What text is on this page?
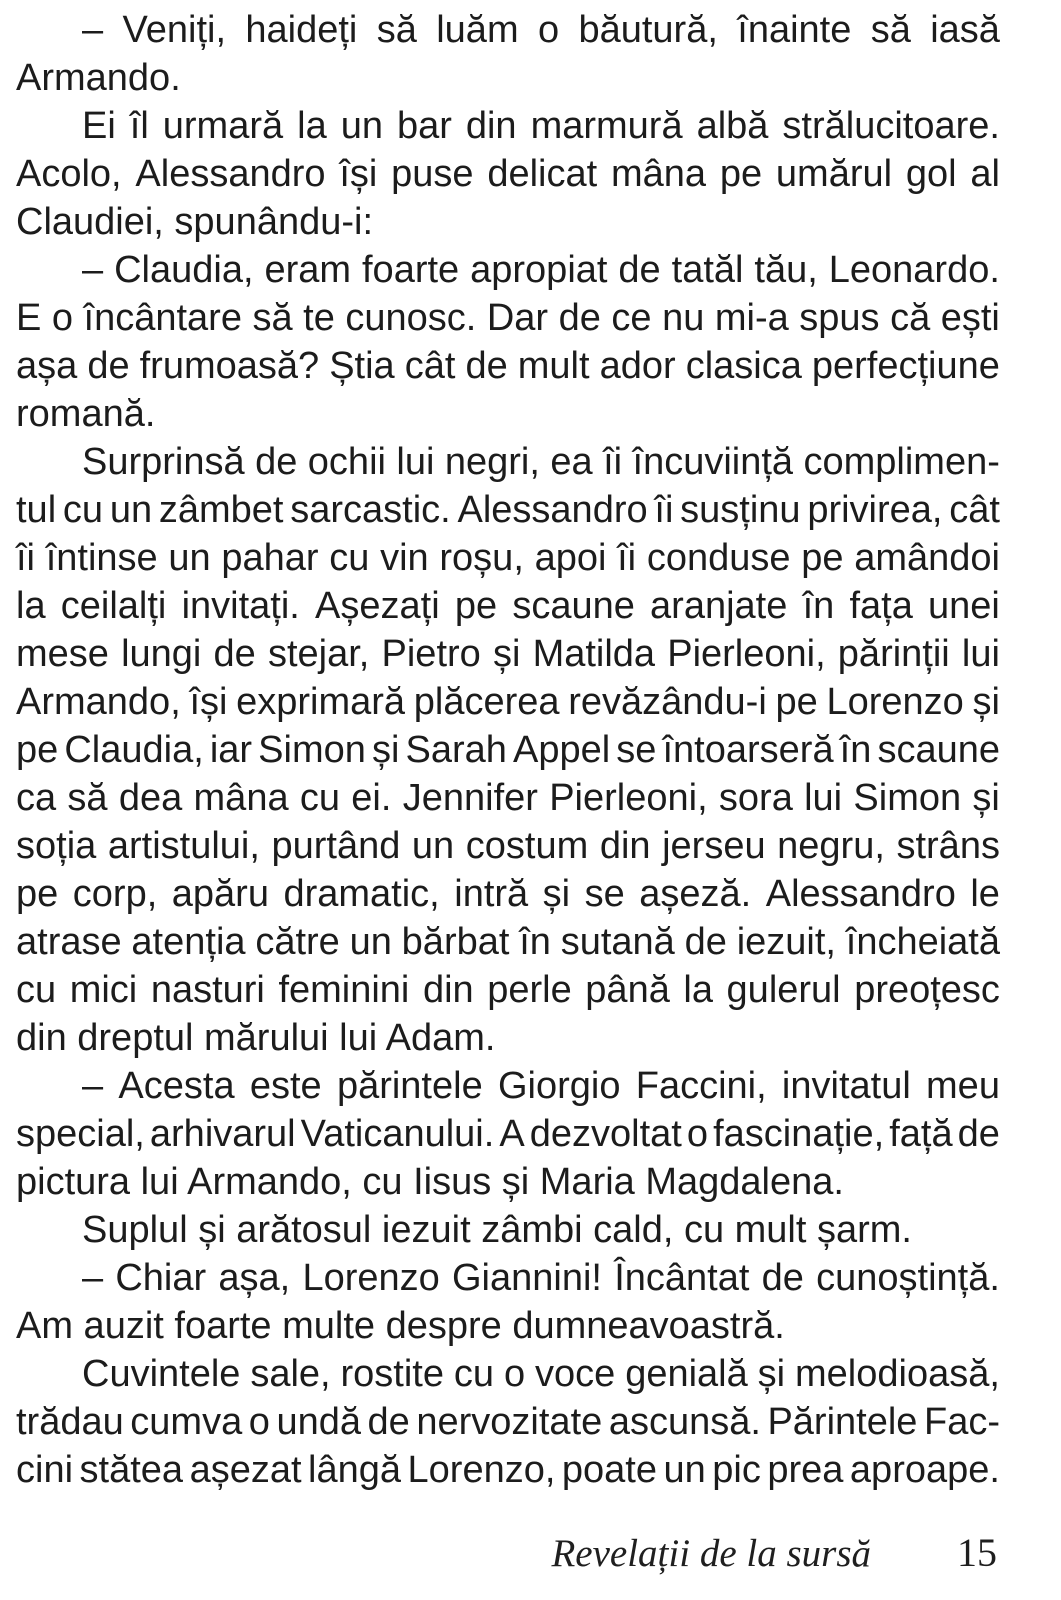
– Veniți, haideți să luăm o băutură, înainte să iasă
Armando.
Ei îl urmară la un bar din marmură albă strălucitoare.
Acolo, Alessandro își puse delicat mâna pe umărul gol al
Claudiei, spunându-i:
– Claudia, eram foarte apropiat de tatăl tău, Leonardo.
E o încântare să te cunosc. Dar de ce nu mi-a spus că ești
așa de frumoasă? Știa cât de mult ador clasica perfecțiune
romană.
Surprinsă de ochii lui negri, ea îi încuviință complimen-
tul cu un zâmbet sarcastic. Alessandro îi susținu privirea, cât
îi întinse un pahar cu vin roșu, apoi îi conduse pe amândoi
la ceilalți invitați. Așezați pe scaune aranjate în fața unei
mese lungi de stejar, Pietro și Matilda Pierleoni, părinții lui
Armando, își exprimară plăcerea revăzându-i pe Lorenzo și
pe Claudia, iar Simon și Sarah Appel se întoarseră în scaune
ca să dea mâna cu ei. Jennifer Pierleoni, sora lui Simon și
soția artistului, purtând un costum din jerseu negru, strâns
pe corp, apăru dramatic, intră și se așeză. Alessandro le
atrase atenția către un bărbat în sutană de iezuit, încheiată
cu mici nasturi feminini din perle până la gulerul preoțesc
din dreptul mărului lui Adam.
– Acesta este părintele Giorgio Faccini, invitatul meu
special, arhivarul Vaticanului. A dezvoltat o fascinație, față de
pictura lui Armando, cu Iisus și Maria Magdalena.
Suplul și arătosul iezuit zâmbi cald, cu mult șarm.
– Chiar așa, Lorenzo Giannini! Încântat de cunoștință.
Am auzit foarte multe despre dumneavoastră.
Cuvintele sale, rostite cu o voce genială și melodioasă,
trădau cumva o undă de nervozitate ascunsă. Părintele Fac-
cini stătea așezat lângă Lorenzo, poate un pic prea aproape.
Revelații de la sursă 15
